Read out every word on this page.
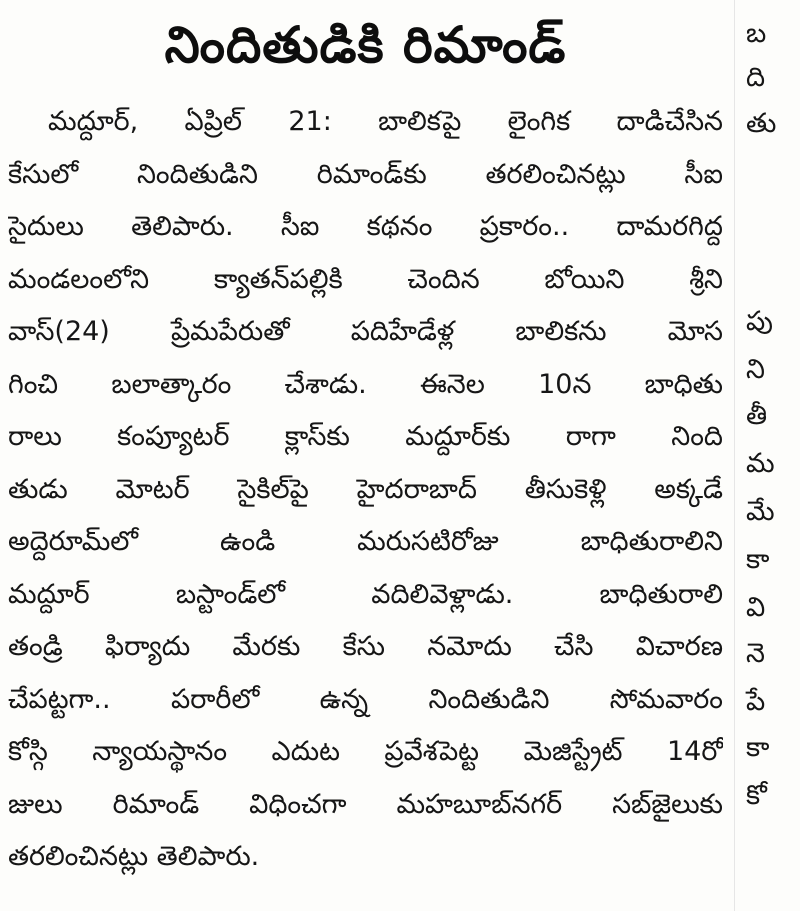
నిందితుడికి రిమాండ్
మద్దూర్, ఏప్రిల్ 21: బాలికపై లైంగిక దాడిచేసిన
కేసులో నిందితుడిని రిమాండ్‌కు తరలించినట్లు సీఐ
సైదులు తెలిపారు. సీఐ కథనం ప్రకారం.. దామరగిద్ద
మండలంలోని క్యాతన్‌పల్లికి చెందిన బోయిని శ్రీని
వాస్(24) ప్రేమపేరుతో పదిహేడేళ్ల బాలికను మోస
గించి బలాత్కారం చేశాడు. ఈనెల 10న బాధితు
రాలు కంప్యూటర్ క్లాస్‌కు మద్దూర్‌కు రాగా నింది
తుడు మోటర్ సైకిల్‌పై హైదరాబాద్ తీసుకెళ్లి అక్కడే
అద్దెరూమ్‌లో ఉండి మరుసటిరోజు బాధితురాలిని
మద్దూర్ బస్టాండ్‌లో వదిలివెళ్లాడు. బాధితురాలి
తండ్రి ఫిర్యాదు మేరకు కేసు నమోదు చేసి విచారణ
చేపట్టగా.. పరారీలో ఉన్న నిందితుడిని సోమవారం
కోస్గి న్యాయస్థానం ఎదుట ప్రవేశపెట్ట మెజిస్ట్రేట్ 14రో
జులు రిమాండ్ విధించగా మహబూబ్‌నగర్ సబ్‌జైలుకు
తరలించినట్లు తెలిపారు.
బ
ది
తు
పు
ని
తీ
మ
మే
కా
వి
నె
పే
కా
కో
